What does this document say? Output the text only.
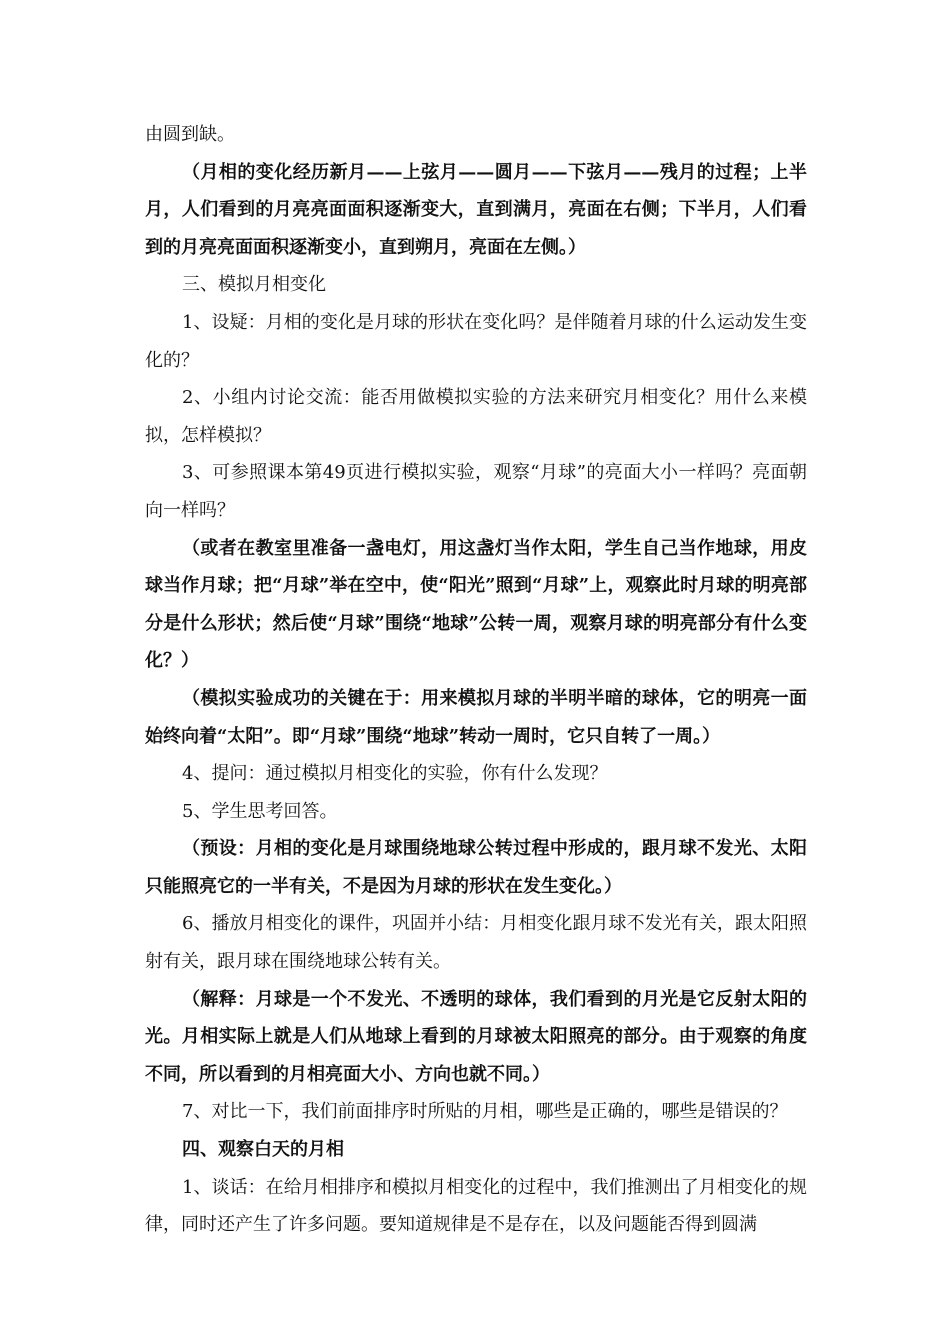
由圆到缺。

（月相的变化经历新月——上弦月——圆月——下弦月——残月的过程；上半月，人们看到的月亮亮面面积逐渐变大，直到满月，亮面在右侧；下半月，人们看到的月亮亮面面积逐渐变小，直到朔月，亮面在左侧。）

三、模拟月相变化

1、设疑：月相的变化是月球的形状在变化吗？是伴随着月球的什么运动发生变化的？

2、小组内讨论交流：能否用做模拟实验的方法来研究月相变化？用什么来模拟，怎样模拟？

3、可参照课本第49页进行模拟实验，观察“月球”的亮面大小一样吗？亮面朝向一样吗？

（或者在教室里准备一盏电灯，用这盏灯当作太阳，学生自己当作地球，用皮球当作月球；把“月球”举在空中，使“阳光”照到“月球”上，观察此时月球的明亮部分是什么形状；然后使“月球”围绕“地球”公转一周，观察月球的明亮部分有什么变化？）

（模拟实验成功的关键在于：用来模拟月球的半明半暗的球体，它的明亮一面始终向着“太阳”。即“月球”围绕“地球”转动一周时，它只自转了一周。）

4、提问：通过模拟月相变化的实验，你有什么发现？

5、学生思考回答。

（预设：月相的变化是月球围绕地球公转过程中形成的，跟月球不发光、太阳只能照亮它的一半有关，不是因为月球的形状在发生变化。）

6、播放月相变化的课件，巩固并小结：月相变化跟月球不发光有关，跟太阳照射有关，跟月球在围绕地球公转有关。

（解释：月球是一个不发光、不透明的球体，我们看到的月光是它反射太阳的光。月相实际上就是人们从地球上看到的月球被太阳照亮的部分。由于观察的角度不同，所以看到的月相亮面大小、方向也就不同。）

7、对比一下，我们前面排序时所贴的月相，哪些是正确的，哪些是错误的？

四、观察白天的月相

1、谈话：在给月相排序和模拟月相变化的过程中，我们推测出了月相变化的规律，同时还产生了许多问题。要知道规律是不是存在，以及问题能否得到圆满
